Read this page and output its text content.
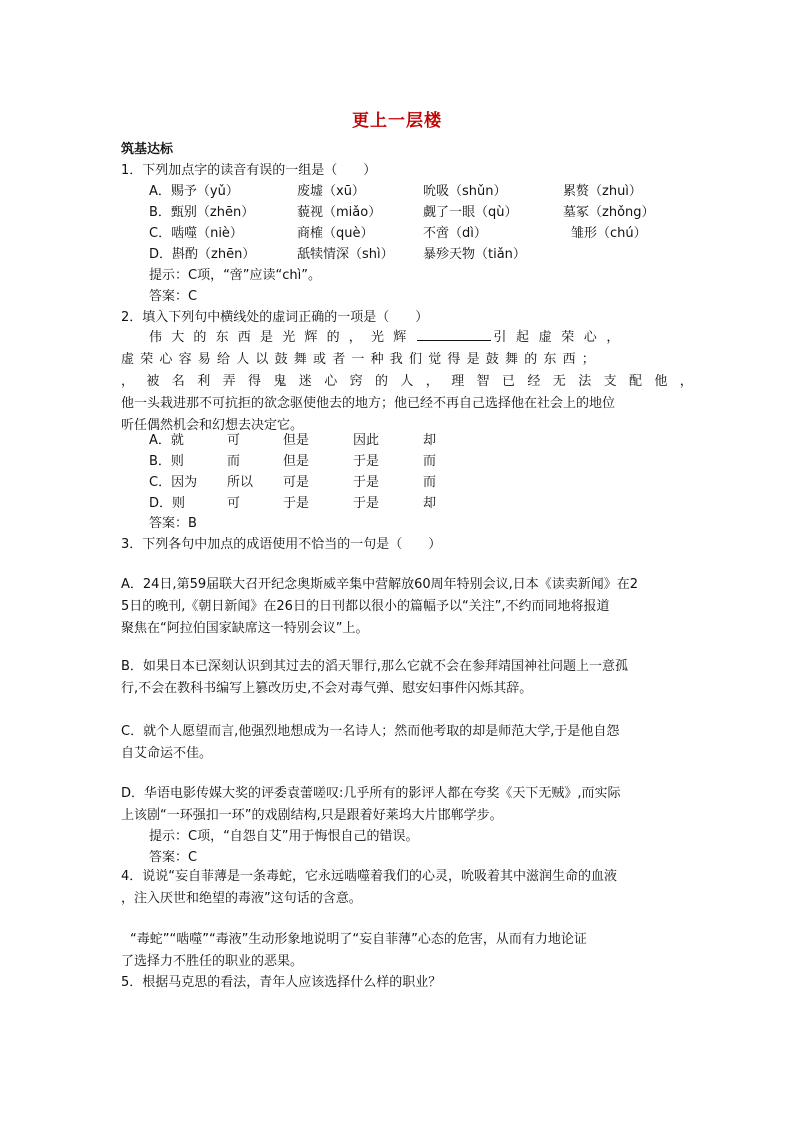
更上一层楼
筑基达标
1．下列加点字的读音有误的一组是（　　）
A．赐予（yǔ）	废墟（xū）	吮吸（shǔn）	累赘（zhuì）
B．甄别（zhēn）	藐视（miǎo）	觑了一眼（qù）	墓冢（zhǒng）
C．啮噬（niè）	商榷（què）	不啻（dì）	雏形（chú）
D．斟酌（zhēn）	舐犊情深（shì） 暴殄天物（tiǎn）
提示：C项，“啻”应读“chì”。
答案：C
2．填入下列句中横线处的虚词正确的一项是（　　）
伟大的东西是光辉的，光辉	引起虚荣心，
虚荣心容易给人以鼓舞或者一种我们觉得是鼓舞的东西；
，被名利弄得鬼迷心窍的人，理智已经无法支配他，
他一头栽进那不可抗拒的欲念驱使他去的地方；他已经不再自己选择他在社会上的地位
听任偶然机会和幻想去决定它。
A．就	可	但是	因此	却
B．则	而	但是	于是	而
C．因为 所以 可是	于是	而
D．则	可	于是	于是	却
答案：B
3．下列各句中加点的成语使用不恰当的一句是（　　）
A．24日,第59届联大召开纪念奥斯威辛集中营解放60周年特别会议,日本《读卖新闻》在2
5日的晚刊,《朝日新闻》在26日的日刊都以很小的篇幅予以“关注”,不约而同地将报道
聚焦在“阿拉伯国家缺席这一特别会议”上。
B．如果日本已深刻认识到其过去的滔天罪行,那么它就不会在参拜靖国神社问题上一意孤
行,不会在教科书编写上篡改历史,不会对毒气弹、慰安妇事件闪烁其辞。
C．就个人愿望而言,他强烈地想成为一名诗人；然而他考取的却是师范大学,于是他自怨
自艾命运不佳。
D．华语电影传媒大奖的评委袁蕾嗟叹:几乎所有的影评人都在夸奖《天下无贼》,而实际
上该剧“一环强扣一环”的戏剧结构,只是跟着好莱坞大片邯郸学步。
提示：C项，“自怨自艾”用于悔恨自己的错误。
答案：C
4．说说“妄自菲薄是一条毒蛇，它永远啮噬着我们的心灵，吮吸着其中滋润生命的血液
，注入厌世和绝望的毒液”这句话的含意。
“毒蛇”“啮噬”“毒液”生动形象地说明了“妄自菲薄”心态的危害，从而有力地论证
了选择力不胜任的职业的恶果。
5．根据马克思的看法，青年人应该选择什么样的职业？
